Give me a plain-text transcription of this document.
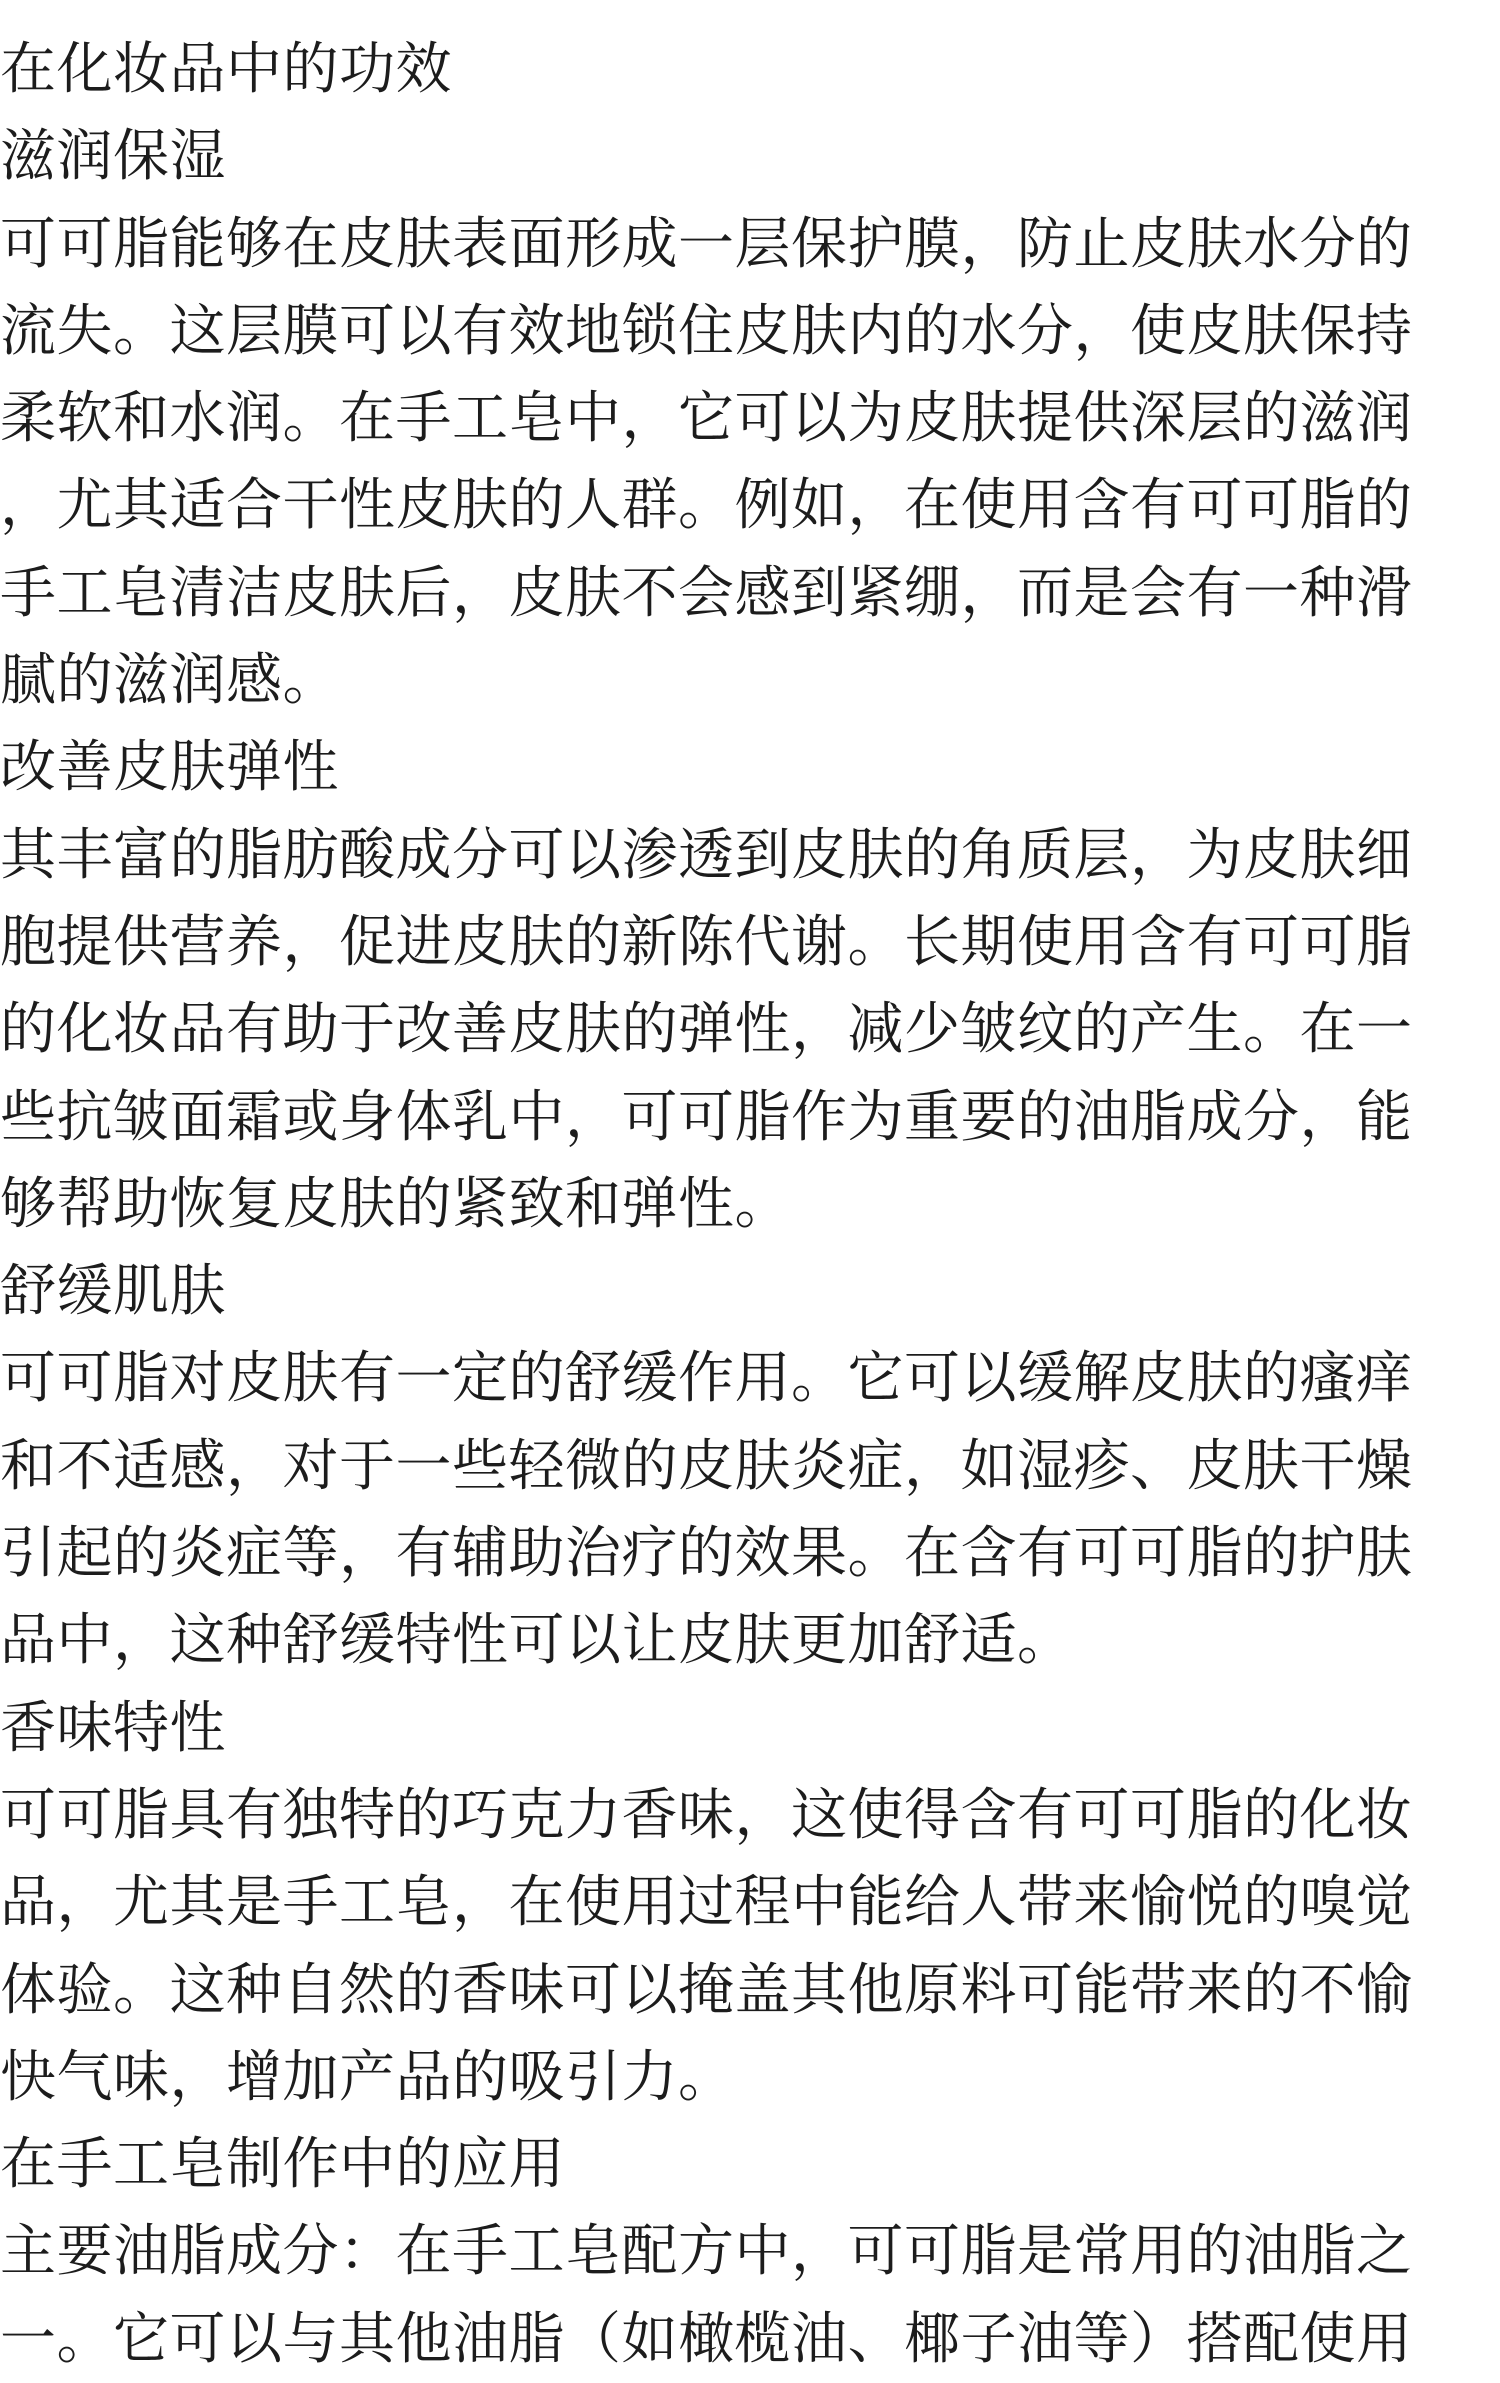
在化妆品中的功效

滋润保湿

可可脂能够在皮肤表面形成一层保护膜，防止皮肤水分的
流失。这层膜可以有效地锁住皮肤内的水分，使皮肤保持
柔软和水润。在手工皂中，它可以为皮肤提供深层的滋润
，尤其适合干性皮肤的人群。例如，在使用含有可可脂的
手工皂清洁皮肤后，皮肤不会感到紧绷，而是会有一种滑
腻的滋润感。

改善皮肤弹性

其丰富的脂肪酸成分可以渗透到皮肤的角质层，为皮肤细
胞提供营养，促进皮肤的新陈代谢。长期使用含有可可脂
的化妆品有助于改善皮肤的弹性，减少皱纹的产生。在一
些抗皱面霜或身体乳中，可可脂作为重要的油脂成分，能
够帮助恢复皮肤的紧致和弹性。

舒缓肌肤

可可脂对皮肤有一定的舒缓作用。它可以缓解皮肤的瘙痒
和不适感，对于一些轻微的皮肤炎症，如湿疹、皮肤干燥
引起的炎症等，有辅助治疗的效果。在含有可可脂的护肤
品中，这种舒缓特性可以让皮肤更加舒适。

香味特性

可可脂具有独特的巧克力香味，这使得含有可可脂的化妆
品，尤其是手工皂，在使用过程中能给人带来愉悦的嗅觉
体验。这种自然的香味可以掩盖其他原料可能带来的不愉
快气味，增加产品的吸引力。

在手工皂制作中的应用

主要油脂成分：在手工皂配方中，可可脂是常用的油脂之
一。它可以与其他油脂（如橄榄油、椰子油等）搭配使用
